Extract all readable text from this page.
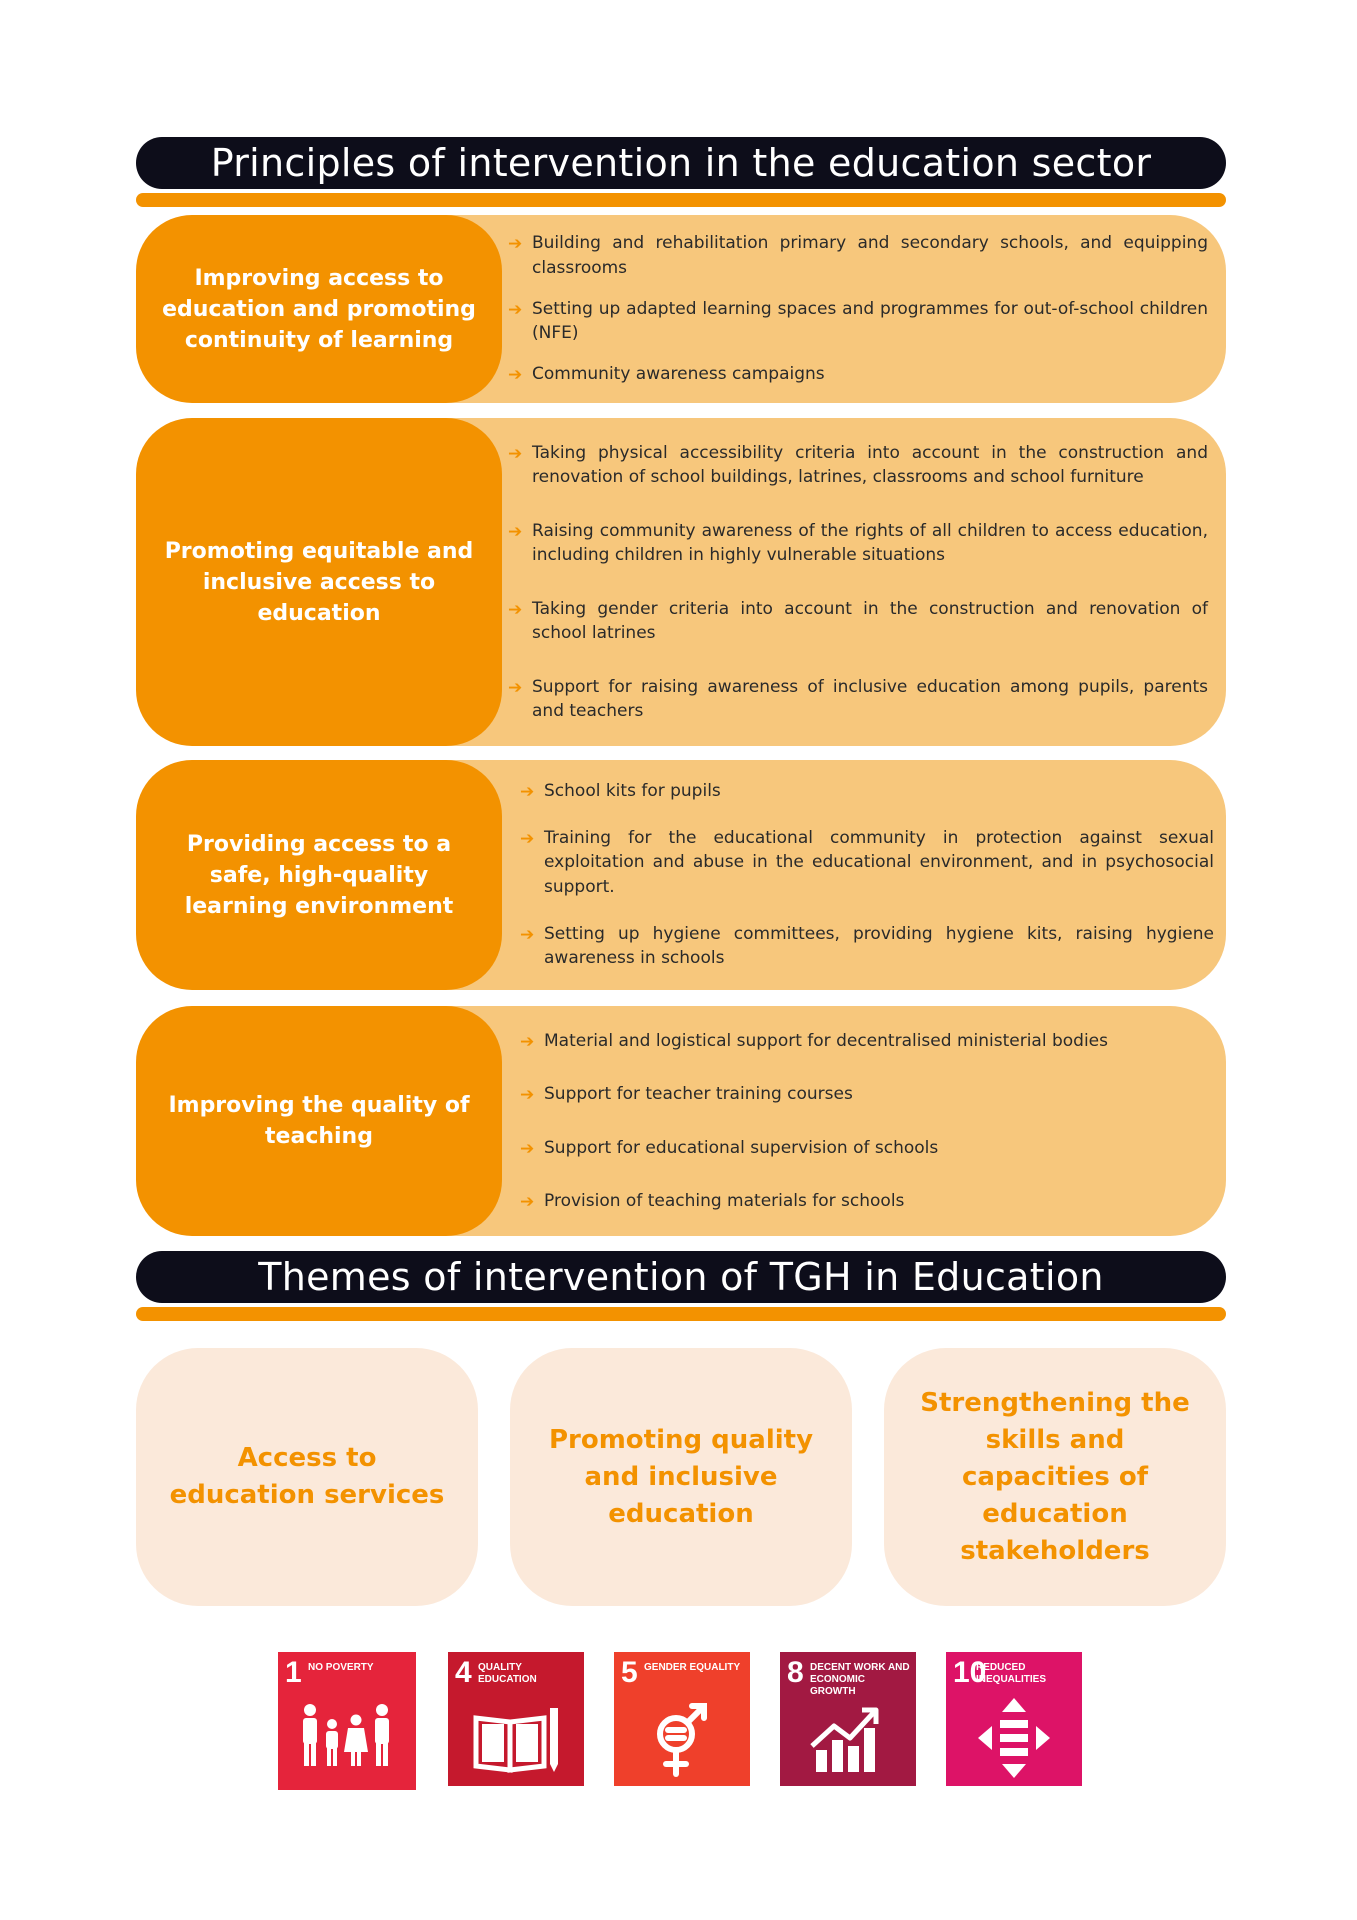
Principles of intervention in the education sector
Improving access to education and promoting continuity of learning
➔ Building and rehabilitation primary and secondary schools, and equipping classrooms
➔ Setting up adapted learning spaces and programmes for out-of-school children (NFE)
➔ Community awareness campaigns
Promoting equitable and inclusive access to education
➔ Taking physical accessibility criteria into account in the construction and renovation of school buildings, latrines, classrooms and school furniture
➔ Raising community awareness of the rights of all children to access education, including children in highly vulnerable situations
➔ Taking gender criteria into account in the construction and renovation of school latrines
➔ Support for raising awareness of inclusive education among pupils, parents and teachers
Providing access to a safe, high-quality learning environment
➔ School kits for pupils
➔ Training for the educational community in protection against sexual exploitation and abuse in the educational environment, and in psychosocial support.
➔ Setting up hygiene committees, providing hygiene kits, raising hygiene awareness in schools
Improving the quality of teaching
➔ Material and logistical support for decentralised ministerial bodies
➔ Support for teacher training courses
➔ Support for educational supervision of schools
➔ Provision of teaching materials for schools
Themes of intervention of TGH in Education
Access to education services
Promoting quality and inclusive education
Strengthening the skills and capacities of education stakeholders
1 NO POVERTY	4 QUALITY EDUCATION	5 GENDER EQUALITY 8 DECENT WORK AND ECONOMIC GROWTH
10
REDUCED INEQUALITIES
